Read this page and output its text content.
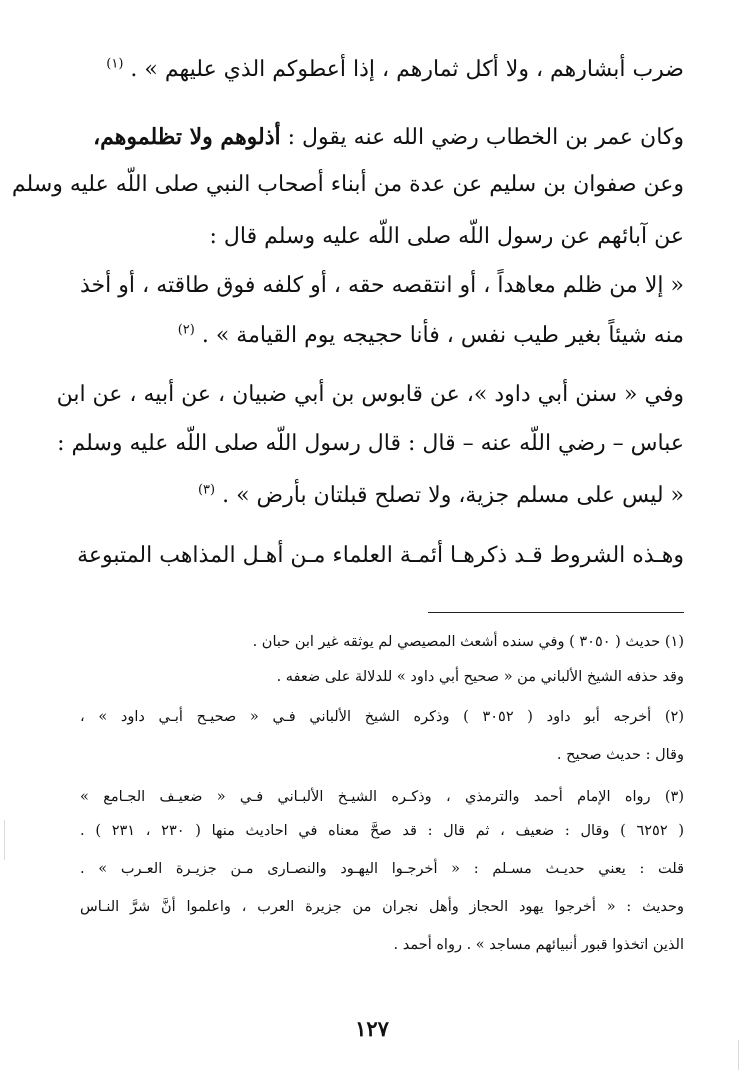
ضرب أبشارهم ، ولا أكل ثمارهم ، إذا أعطوكم الذي عليهم » . $^{(١)}$
وكان عمر بن الخطاب رضي الله عنه يقول : أذلوهم ولا تظلموهم،
وعن صفوان بن سليم عن عدة من أبناء أصحاب النبي صلى اللّه عليه وسلم
عن آبائهم عن رسول اللّه صلى اللّه عليه وسلم قال :
« إلا من ظلم معاهداً ، أو انتقصه حقه ، أو كلفه فوق طاقته ، أو أخذ
منه شيئاً بغير طيب نفس ، فأنا حجيجه يوم القيامة » . $^{(٢)}$
وفي « سنن أبي داود »، عن قابوس بن أبي ضبيان ، عن أبيه ، عن ابن
عباس – رضي اللّه عنه – قال : قال رسول اللّه صلى اللّه عليه وسلم :
« ليس على مسلم جزية، ولا تصلح قبلتان بأرض » . $^{(٣)}$
وهـذه الشروط قـد ذكرهـا أئمـة العلماء مـن أهـل المذاهب المتبوعة
(١) حديث ( ٣٠٥٠ ) وفي سنده أشعث المصيصي لم يوثقه غير ابن حبان .
وقد حذفه الشيخ الألباني من « صحيح أبي داود » للدلالة على ضعفه .
(٢) أخرجه أبو داود ( ٣٠٥٢ ) وذكره الشيخ الألباني فـي « صحيـح أبـي داود » ،
وقال : حديث صحيح .
(٣) رواه الإمام أحمد والترمذي ، وذكـره الشيـخ الألبـاني فـي « ضعيـف الجـامع »
( ٦٢٥٢ ) وقال : ضعيف ، ثم قال : قد صحَّ معناه في احاديث منها ( ٢٣٠ ، ٢٣١ ) .
قلت : يعني حديـث مسـلم : « أخرجـوا اليهـود والنصـارى مـن جزيـرة العـرب » .
وحديث : « أخرجوا يهود الحجاز وأهل نجران من جزيرة العرب ، واعلموا أنَّ شرَّ النـاس
الذين اتخذوا قبور أنبيائهم مساجد » . رواه أحمد .
١٢٧
